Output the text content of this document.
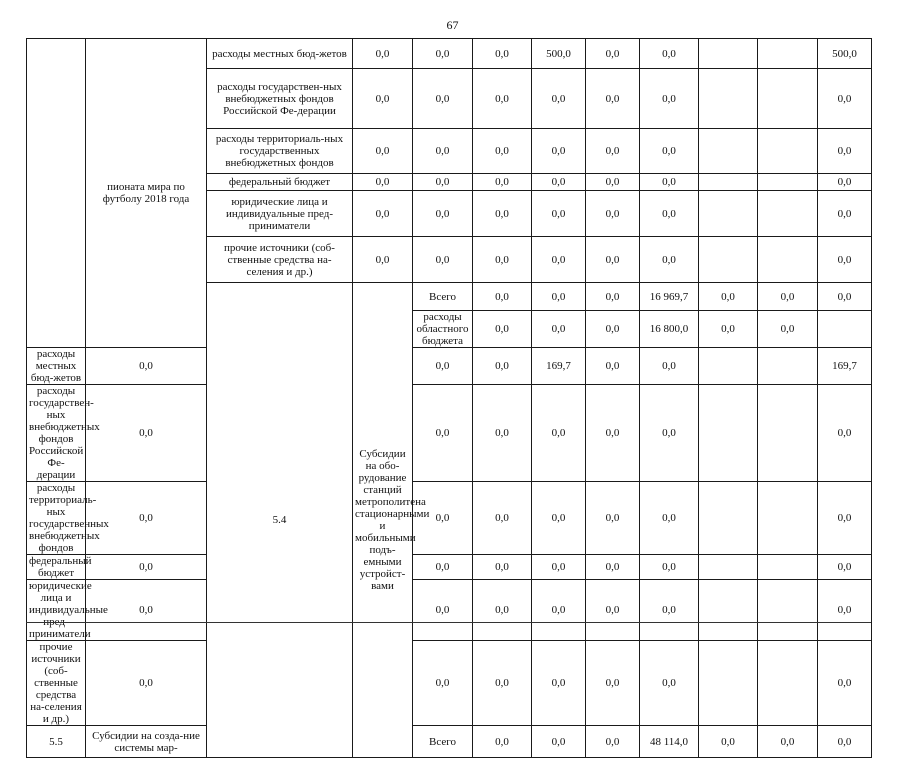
67
	пионата мира по футболу 2018 года	расходы местных бюд-жетов	0,0	0,0	0,0	500,0	0,0	0,0			500,0	
		расходы государствен-ных внебюджетных фондов Российской Фе-дерации	0,0	0,0	0,0	0,0	0,0	0,0			0,0	
		расходы территориаль-ных государственных внебюджетных фондов	0,0	0,0	0,0	0,0	0,0	0,0			0,0	
		федеральный бюджет	0,0	0,0	0,0	0,0	0,0	0,0			0,0	
		юридические лица и индивидуальные пред-приниматели	0,0	0,0	0,0	0,0	0,0	0,0			0,0	
		прочие источники (соб-ственные средства на-селения и др.)	0,0	0,0	0,0	0,0	0,0	0,0			0,0	
		5.4	Субсидии на обо-рудование станций метрополитена стационарными и мобильными подъ-емными устройст-вами	Всего	0,0	0,0	0,0	16 969,7	0,0	0,0	0,0		
				расходы областного бюджета	0,0	0,0	0,0	16 800,0	0,0	0,0			
расходы местных бюд-жетов	0,0			0,0	0,0	169,7	0,0	0,0			169,7	
расходы государствен-ных внебюджетных фондов Российской Фе-дерации	0,0			0,0	0,0	0,0	0,0	0,0			0,0	
расходы территориаль-ных государственных внебюджетных фондов	0,0			0,0	0,0	0,0	0,0	0,0			0,0	
федеральный бюджет	0,0			0,0	0,0	0,0	0,0	0,0			0,0	
юридические лица и индивидуальные пред-приниматели	0,0			0,0	0,0	0,0	0,0	0,0			0,0	
прочие источники (соб-ственные средства на-селения и др.)	0,0			0,0	0,0	0,0	0,0	0,0			0,0	
5.5	Субсидии на созда-ние системы мар-			Всего	0,0	0,0	0,0	48 114,0	0,0	0,0	0,0		
